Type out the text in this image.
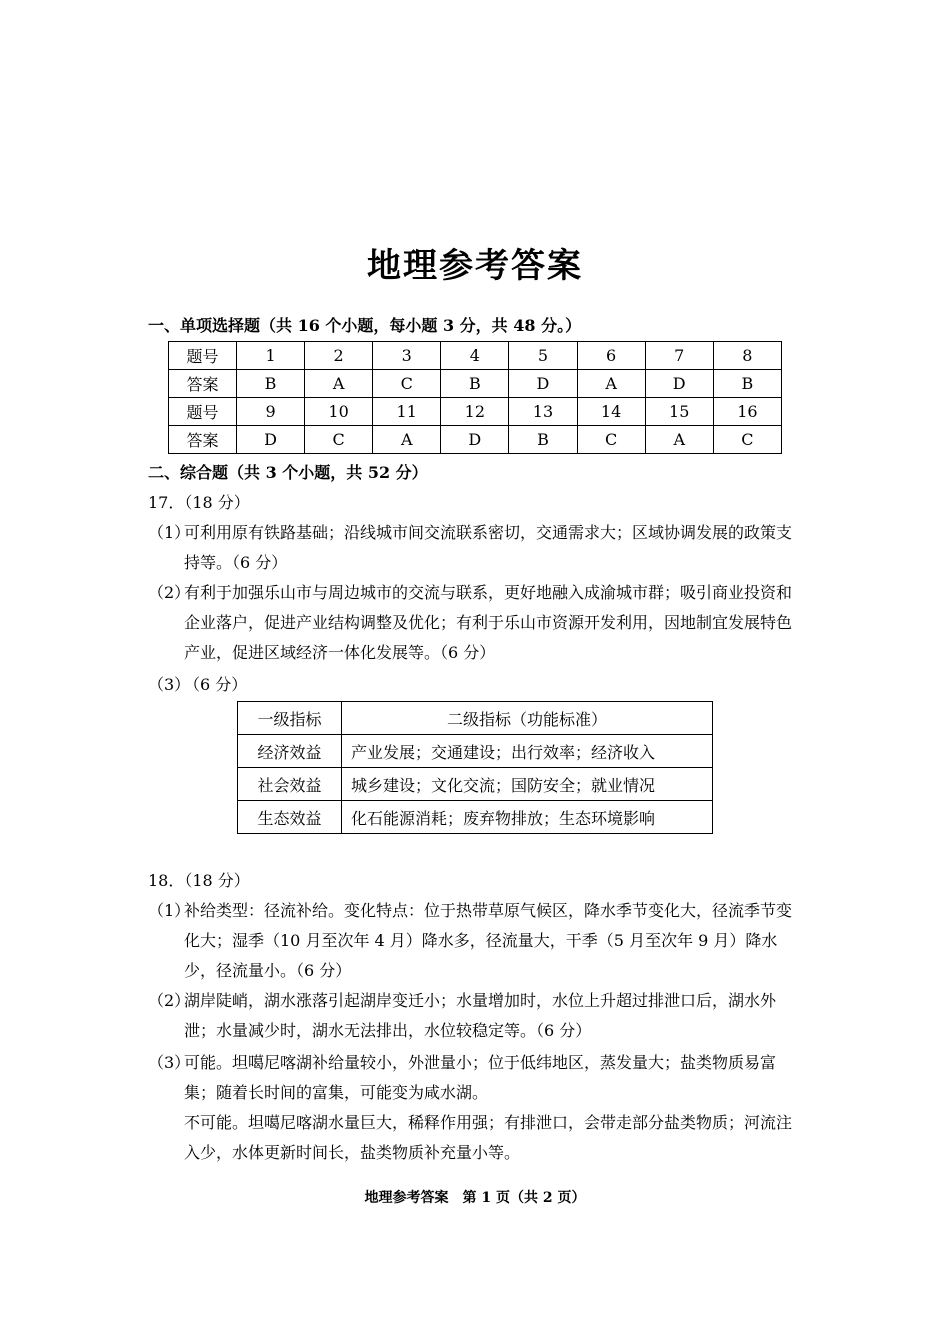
地理参考答案
一、单项选择题（共 16 个小题，每小题 3 分，共 48 分。）
题号	1	2	3	4	5	6	7	8
答案	B	A	C	B	D	A	D	B
题号	9	10	11	12	13	14	15	16
答案	D	C	A	D	B	C	A	C
二、综合题（共 3 个小题，共 52 分）
17．（18 分）
（1）
可利用原有铁路基础；沿线城市间交流联系密切，交通需求大；区域协调发展的政策支持等。（6 分）
（2）
有利于加强乐山市与周边城市的交流与联系，更好地融入成渝城市群；吸引商业投资和企业落户，促进产业结构调整及优化；有利于乐山市资源开发利用，因地制宜发展特色产业，促进区域经济一体化发展等。（6 分）
（3）
（6 分）
一级指标	二级指标（功能标准）
经济效益	产业发展；交通建设；出行效率；经济收入
社会效益	城乡建设；文化交流；国防安全；就业情况
生态效益	化石能源消耗；废弃物排放；生态环境影响
18．（18 分）
（1）
补给类型：径流补给。变化特点：位于热带草原气候区，降水季节变化大，径流季节变化大；湿季（10 月至次年 4 月）降水多，径流量大，干季（5 月至次年 9 月）降水少，径流量小。（6 分）
（2）
湖岸陡峭，湖水涨落引起湖岸变迁小；水量增加时，水位上升超过排泄口后，湖水外泄；水量减少时，湖水无法排出，水位较稳定等。（6 分）
（3）
可能。坦噶尼喀湖补给量较小，外泄量小；位于低纬地区，蒸发量大；盐类物质易富集；随着长时间的富集，可能变为咸水湖。
不可能。坦噶尼喀湖水量巨大，稀释作用强；有排泄口，会带走部分盐类物质；河流注入少，水体更新时间长，盐类物质补充量小等。
地理参考答案　第 1 页（共 2 页）
